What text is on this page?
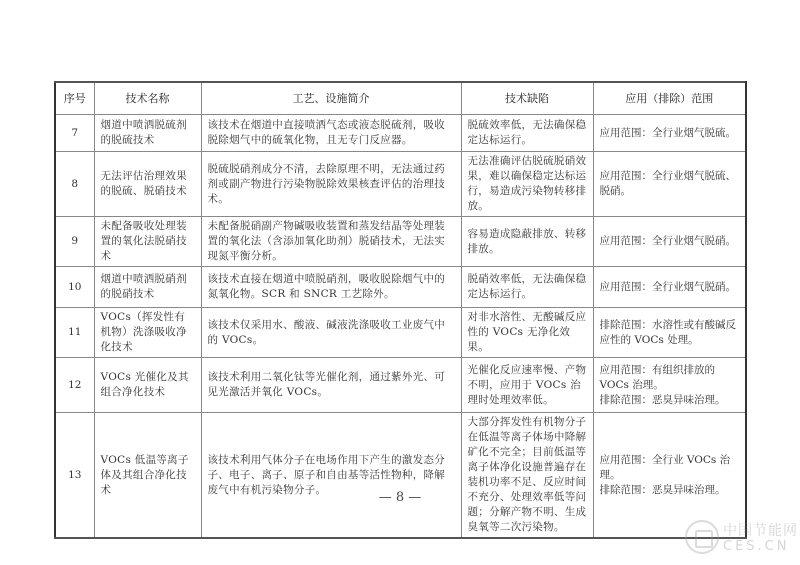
序号	技术名称	工艺、设施简介	技术缺陷	应用（排除）范围
7	烟道中喷洒脱硫剂的脱硫技术	该技术在烟道中直接喷洒气态或液态脱硫剂，吸收脱除烟气中的硫氧化物，且无专门反应器。	脱硫效率低，无法确保稳定达标运行。	应用范围：全行业烟气脱硫。

8	无法评估治理效果的脱硫、脱硝技术	脱硫脱硝剂成分不清，去除原理不明，无法通过药剂或副产物进行污染物脱除效果核查评估的治理技术。	无法准确评估脱硫脱硝效果，难以确保稳定达标运行，易造成污染物转移排放。	应用范围：全行业烟气脱硫、脱硝。

9	未配备吸收处理装置的氧化法脱硝技术	未配备脱硝副产物碱吸收装置和蒸发结晶等处理装置的氧化法（含添加氧化助剂）脱硝技术，无法实现氮平衡分析。	容易造成隐蔽排放、转移排放。	应用范围：全行业烟气脱硝。

10	烟道中喷洒脱硝剂的脱硝技术	该技术直接在烟道中喷脱硝剂，吸收脱除烟气中的氮氧化物。SCR 和 SNCR 工艺除外。	脱硝效率低，无法确保稳定达标运行。	应用范围：全行业烟气脱硝。

11	VOCs（挥发性有机物）洗涤吸收净化技术	该技术仅采用水、酸液、碱液洗涤吸收工业废气中的 VOCs。	对非水溶性、无酸碱反应性的 VOCs 无净化效果。	排除范围：水溶性或有酸碱反应性的 VOCs 处理。

12	VOCs 光催化及其组合净化技术	该技术利用二氧化钛等光催化剂，通过紫外光、可见光激活并氧化 VOCs。	光催化反应速率慢、产物不明，应用于 VOCs 治理时处理效率低。	应用范围：有组织排放的 VOCs 治理。
排除范围：恶臭异味治理。

13	VOCs 低温等离子体及其组合净化技术	该技术利用气体分子在电场作用下产生的激发态分子、电子、离子、原子和自由基等活性物种，降解废气中有机污染物分子。	大部分挥发性有机物分子在低温等离子体场中降解矿化不完全；目前低温等离子体净化设施普遍存在装机功率不足、反应时间不充分、处理效率低等问题；分解产物不明、生成臭氧等二次污染物。	应用范围：全行业 VOCs 治理。
排除范围：恶臭异味治理。
— 8 —
中国节能网
CES.CN
